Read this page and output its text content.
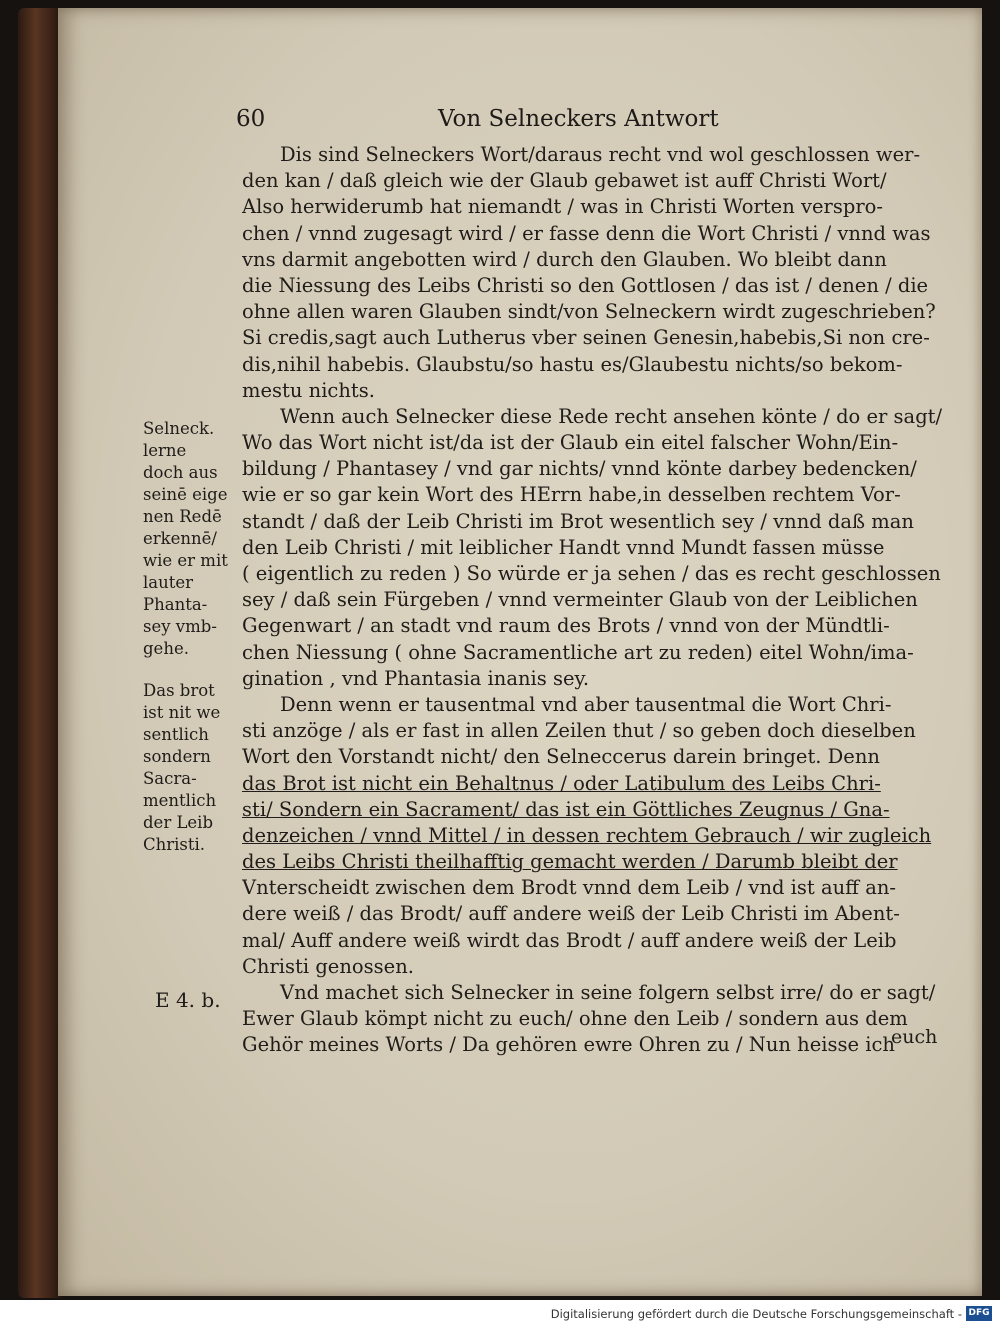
60	Von Selneckers Antwort
Dis sind Selneckers Wort/daraus recht vnd wol geschlossen wer-
den kan / daß gleich wie der Glaub gebawet ist auff Christi Wort/
Also herwiderumb hat niemandt / was in Christi Worten verspro-
chen / vnnd zugesagt wird / er fasse denn die Wort Christi / vnnd was
vns darmit angebotten wird / durch den Glauben. Wo bleibt dann
die Niessung des Leibs Christi so den Gottlosen / das ist / denen / die
ohne allen waren Glauben sindt/von Selneckern wirdt zugeschrieben?
Si credis,sagt auch Lutherus vber seinen Genesin,habebis,Si non cre-
dis,nihil habebis. Glaubstu/so hastu es/Glaubestu nichts/so bekom-
mestu nichts.
Wenn auch Selnecker diese Rede recht ansehen könte / do er sagt/
Wo das Wort nicht ist/da ist der Glaub ein eitel falscher Wohn/Ein-
bildung / Phantasey / vnd gar nichts/ vnnd könte darbey bedencken/
wie er so gar kein Wort des HErrn habe,in desselben rechtem Vor-
standt / daß der Leib Christi im Brot wesentlich sey / vnnd daß man
den Leib Christi / mit leiblicher Handt vnnd Mundt fassen müsse
( eigentlich zu reden ) So würde er ja sehen / das es recht geschlossen
sey / daß sein Fürgeben / vnnd vermeinter Glaub von der Leiblichen
Gegenwart / an stadt vnd raum des Brots / vnnd von der Mündtli-
chen Niessung ( ohne Sacramentliche art zu reden) eitel Wohn/ima-
gination , vnd Phantasia inanis sey.
Denn wenn er tausentmal vnd aber tausentmal die Wort Chri-
sti anzöge / als er fast in allen Zeilen thut / so geben doch dieselben
Wort den Vorstandt nicht/ den Selneccerus darein bringet. Denn
das Brot ist nicht ein Behaltnus / oder Latibulum des Leibs Chri-
sti/ Sondern ein Sacrament/ das ist ein Göttliches Zeugnus / Gna-
denzeichen / vnnd Mittel / in dessen rechtem Gebrauch / wir zugleich
des Leibs Christi theilhafftig gemacht werden / Darumb bleibt der
Vnterscheidt zwischen dem Brodt vnnd dem Leib / vnd ist auff an-
dere weiß / das Brodt/ auff andere weiß der Leib Christi im Abent-
mal/ Auff andere weiß wirdt das Brodt / auff andere weiß der Leib
Christi genossen.
Vnd machet sich Selnecker in seine folgern selbst irre/ do er sagt/
Ewer Glaub kömpt nicht zu euch/ ohne den Leib / sondern aus dem
Gehör meines Worts / Da gehören ewre Ohren zu / Nun heisse ich
Selneck.
lerne
doch aus
seinē eige
nen Redē
erkennē/
wie er mit
lauter
Phanta-
sey vmb-
gehe.
Das brot
ist nit we
sentlich
sondern
Sacra-
mentlich
der Leib
Christi.
E 4. b.
euch
Digitalisierung gefördert durch die Deutsche Forschungsgemeinschaft - DFG
